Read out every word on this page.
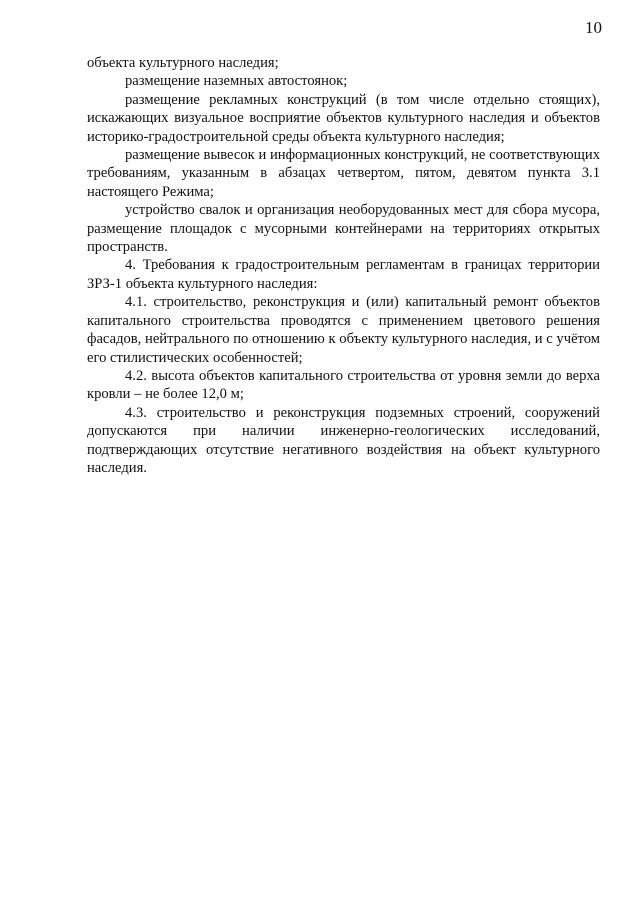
10

объекта культурного наследия;

размещение наземных автостоянок;

размещение рекламных конструкций (в том числе отдельно стоящих), искажающих визуальное восприятие объектов культурного наследия и объектов историко-градостроительной среды объекта культурного наследия;

размещение вывесок и информационных конструкций, не соответствующих требованиям, указанным в абзацах четвертом, пятом, девятом пункта 3.1 настоящего Режима;

устройство свалок и организация необорудованных мест для сбора мусора, размещение площадок с мусорными контейнерами на территориях открытых пространств.

4. Требования к градостроительным регламентам в границах территории ЗРЗ-1 объекта культурного наследия:

4.1. строительство, реконструкция и (или) капитальный ремонт объектов капитального строительства проводятся с применением цветового решения фасадов, нейтрального по отношению к объекту культурного наследия, и с учётом его стилистических особенностей;

4.2. высота объектов капитального строительства от уровня земли до верха кровли – не более 12,0 м;

4.3. строительство и реконструкция подземных строений, сооружений допускаются при наличии инженерно-геологических исследований, подтверждающих отсутствие негативного воздействия на объект культурного наследия.
